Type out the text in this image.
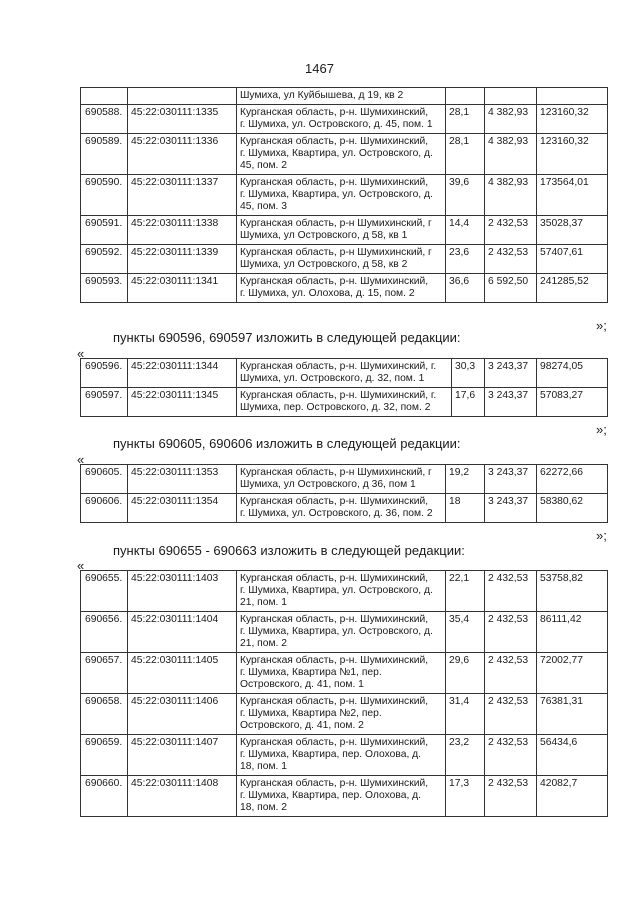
1467
		Шумиха, ул Куйбышева, д 19, кв 2			
690588.	45:22:030111:1335	Курганская область, р-н. Шумихинский,
г. Шумиха, ул. Островского, д. 45, пом. 1	28,1	4 382,93	123160,32
690589.	45:22:030111:1336	Курганская область, р-н. Шумихинский,
г. Шумиха, Квартира, ул. Островского, д.
45, пом. 2	28,1	4 382,93	123160,32
690590.	45:22:030111:1337	Курганская область, р-н. Шумихинский,
г. Шумиха, Квартира, ул. Островского, д.
45, пом. 3	39,6	4 382,93	173564,01
690591.	45:22:030111:1338	Курганская область, р-н Шумихинский, г
Шумиха, ул Островского, д 58, кв 1	14,4	2 432,53	35028,37
690592.	45:22:030111:1339	Курганская область, р-н Шумихинский, г
Шумиха, ул Островского, д 58, кв 2	23,6	2 432,53	57407,61
690593.	45:22:030111:1341	Курганская область, р-н. Шумихинский,
г. Шумиха, ул. Олохова, д. 15, пом. 2	36,6	6 592,50	241285,52
»;
пункты 690596, 690597 изложить в следующей редакции:
«
690596.	45:22:030111:1344	Курганская область, р-н. Шумихинский, г.
Шумиха, ул. Островского, д. 32, пом. 1	30,3	3 243,37	98274,05
690597.	45:22:030111:1345	Курганская область, р-н. Шумихинский, г.
Шумиха, пер. Островского, д. 32, пом. 2	17,6	3 243,37	57083,27
»;
пункты 690605, 690606 изложить в следующей редакции:
«
690605.	45:22:030111:1353	Курганская область, р-н Шумихинский, г
Шумиха, ул Островского, д 36, пом 1	19,2	3 243,37	62272,66
690606.	45:22:030111:1354	Курганская область, р-н. Шумихинский,
г. Шумиха, ул. Островского, д. 36, пом. 2	18	3 243,37	58380,62
»;
пункты 690655 - 690663 изложить в следующей редакции:
«
690655.	45:22:030111:1403	Курганская область, р-н. Шумихинский,
г. Шумиха, Квартира, ул. Островского, д.
21, пом. 1	22,1	2 432,53	53758,82
690656.	45:22:030111:1404	Курганская область, р-н. Шумихинский,
г. Шумиха, Квартира, ул. Островского, д.
21, пом. 2	35,4	2 432,53	86111,42
690657.	45:22:030111:1405	Курганская область, р-н. Шумихинский,
г. Шумиха, Квартира №1, пер.
Островского, д. 41, пом. 1	29,6	2 432,53	72002,77
690658.	45:22:030111:1406	Курганская область, р-н. Шумихинский,
г. Шумиха, Квартира №2, пер.
Островского, д. 41, пом. 2	31,4	2 432,53	76381,31
690659.	45:22:030111:1407	Курганская область, р-н. Шумихинский,
г. Шумиха, Квартира, пер. Олохова, д.
18, пом. 1	23,2	2 432,53	56434,6
690660.	45:22:030111:1408	Курганская область, р-н. Шумихинский,
г. Шумиха, Квартира, пер. Олохова, д.
18, пом. 2	17,3	2 432,53	42082,7
